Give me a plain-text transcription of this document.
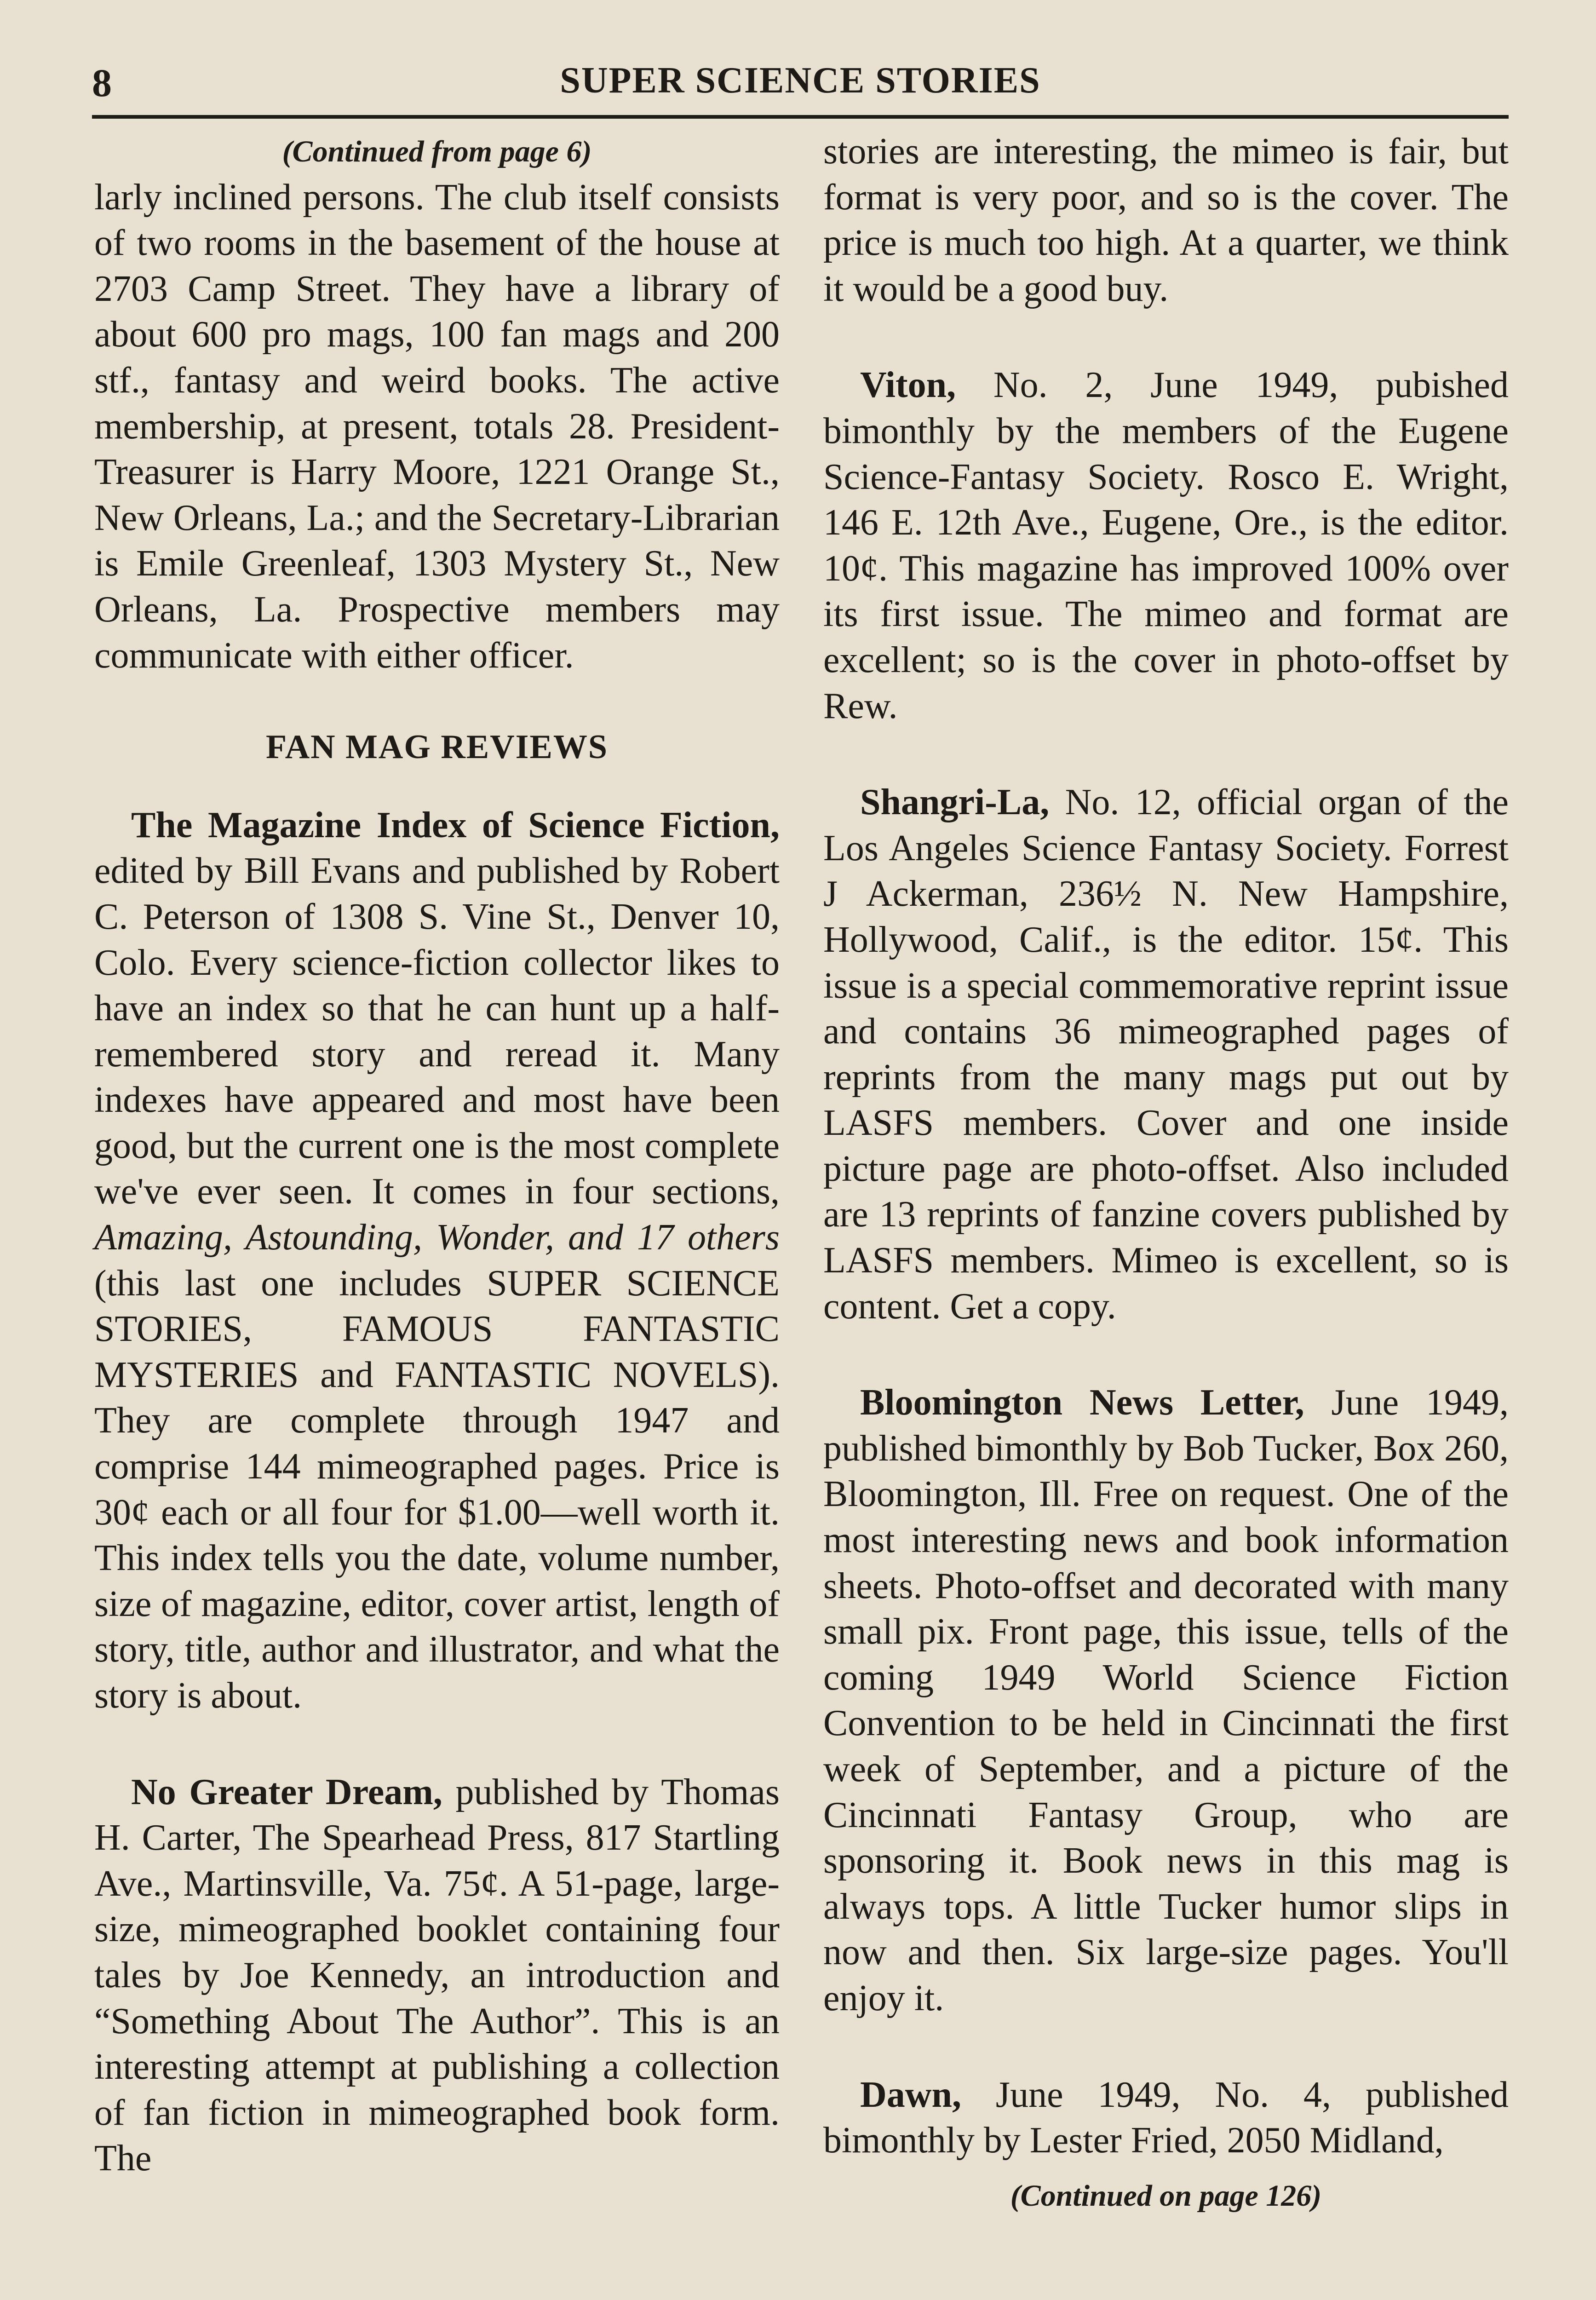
8	SUPER SCIENCE STORIES
(Continued from page 6)

larly inclined persons. The club itself consists of two rooms in the basement of the house at 2703 Camp Street. They have a library of about 600 pro mags, 100 fan mags and 200 stf., fantasy and weird books. The active membership, at present, totals 28. President-Treasurer is Harry Moore, 1221 Orange St., New Orleans, La.; and the Secretary-Librarian is Emile Greenleaf, 1303 Mystery St., New Orleans, La. Prospective members may communicate with either officer.

FAN MAG REVIEWS

The Magazine Index of Science Fiction, edited by Bill Evans and published by Robert C. Peterson of 1308 S. Vine St., Denver 10, Colo. Every science-fiction collector likes to have an index so that he can hunt up a half-remembered story and reread it. Many indexes have appeared and most have been good, but the current one is the most complete we've ever seen. It comes in four sections, Amazing, Astounding, Wonder, and 17 others (this last one includes SUPER SCIENCE STORIES, FAMOUS FANTASTIC MYSTERIES and FANTASTIC NOVELS). They are complete through 1947 and comprise 144 mimeographed pages. Price is 30¢ each or all four for $1.00—well worth it. This index tells you the date, volume number, size of magazine, editor, cover artist, length of story, title, author and illustrator, and what the story is about.

No Greater Dream, published by Thomas H. Carter, The Spearhead Press, 817 Startling Ave., Martinsville, Va. 75¢. A 51-page, large-size, mimeographed booklet containing four tales by Joe Kennedy, an introduction and “Something About The Author”. This is an interesting attempt at publishing a collection of fan fiction in mimeographed book form. The

stories are interesting, the mimeo is fair, but format is very poor, and so is the cover. The price is much too high. At a quarter, we think it would be a good buy.

Viton, No. 2, June 1949, pubished bimonthly by the members of the Eugene Science-Fantasy Society. Rosco E. Wright, 146 E. 12th Ave., Eugene, Ore., is the editor. 10¢. This magazine has improved 100% over its first issue. The mimeo and format are excellent; so is the cover in photo-offset by Rew.

Shangri-La, No. 12, official organ of the Los Angeles Science Fantasy Society. Forrest J Ackerman, 236½ N. New Hampshire, Hollywood, Calif., is the editor. 15¢. This issue is a special commemorative reprint issue and contains 36 mimeographed pages of reprints from the many mags put out by LASFS members. Cover and one inside picture page are photo-offset. Also included are 13 reprints of fanzine covers published by LASFS members. Mimeo is excellent, so is content. Get a copy.

Bloomington News Letter, June 1949, published bimonthly by Bob Tucker, Box 260, Bloomington, Ill. Free on request. One of the most interesting news and book information sheets. Photo-offset and decorated with many small pix. Front page, this issue, tells of the coming 1949 World Science Fiction Convention to be held in Cincinnati the first week of September, and a picture of the Cincinnati Fantasy Group, who are sponsoring it. Book news in this mag is always tops. A little Tucker humor slips in now and then. Six large-size pages. You'll enjoy it.

Dawn, June 1949, No. 4, published bimonthly by Lester Fried, 2050 Midland,

(Continued on page 126)
